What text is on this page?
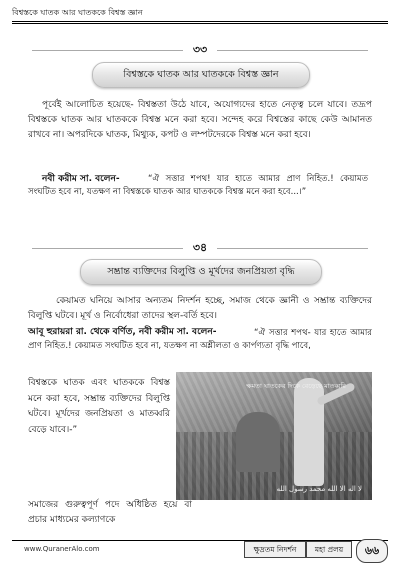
বিশ্বস্তকে ঘাতক আর ঘাতককে বিশ্বস্ত জ্ঞান
৩৩
বিশ্বস্তকে ঘাতক আর ঘাতককে বিশ্বস্ত জ্ঞান
পূর্বেই আলোচিত হয়েছে- বিশ্বস্ততা উঠে যাবে, অযোগ্যদের হাতে নেতৃত্ব চলে যাবে। তদ্রূপ বিশ্বস্তকে ঘাতক আর ঘাতককে বিশ্বস্ত মনে করা হবে। সন্দেহ করে বিশ্বস্তের কাছে কেউ আমানত রাখবে না। অপরদিকে ঘাতক, মিথ্যুক, কপট ও লম্পটদেরকে বিশ্বস্ত মনে করা হবে।
নবী করীম সা. বলেন-	“ঐ সত্তার শপথ! যার হাতে আমার প্রাণ নিহিত.! কেয়ামত সংঘটিত হবে না, যতক্ষণ না বিশ্বস্তকে ঘাতক আর ঘাতককে বিশ্বস্ত মনে করা হবে...।”
৩৪
সম্ভ্রান্ত ব্যক্তিদের বিলুপ্তি ও মূর্খদের জনপ্রিয়তা বৃদ্ধি
কেয়ামত ঘনিয়ে আসার অন্যতম নিদর্শন হচ্ছে, সমাজ থেকে জ্ঞানী ও সম্ভ্রান্ত ব্যক্তিদের বিলুপ্তি ঘটবে। মূর্খ ও নির্বোধেরা তাদের স্থল-বর্তি হবে।
আবূ হুরায়রা রা. থেকে বর্ণিত, নবী করীম সা. বলেন-	“ঐ সত্তার শপথ- যার হাতে আমার প্রাণ নিহিত.! কেয়ামত সংঘটিত হবে না, যতক্ষণ না অশ্লীলতা ও কার্পণ্যতা বৃদ্ধি পাবে,
বিশ্বস্তকে ঘাতক এবং ঘাতককে বিশ্বস্ত মনে করা হবে, সম্ভ্রান্ত ব্যক্তিদের বিলুপ্তি ঘটবে। মূর্খদের জনপ্রিয়তা ও মাতব্বরি বেড়ে যাবে।-”
ক্ষমতা ঘাতকের দিকে বেড়েছে মাতব্বরি
لا اله الا الله محمد رسول الله
সমাজের গুরুত্বপূর্ণ পদে অধিষ্ঠিত হয়ে বা প্রচার মাধ্যমের কল্যাণকে
www.QuranerAlo.com	ক্ষুদ্রতম নিদর্শন	মহা প্রলয়	৬৬
